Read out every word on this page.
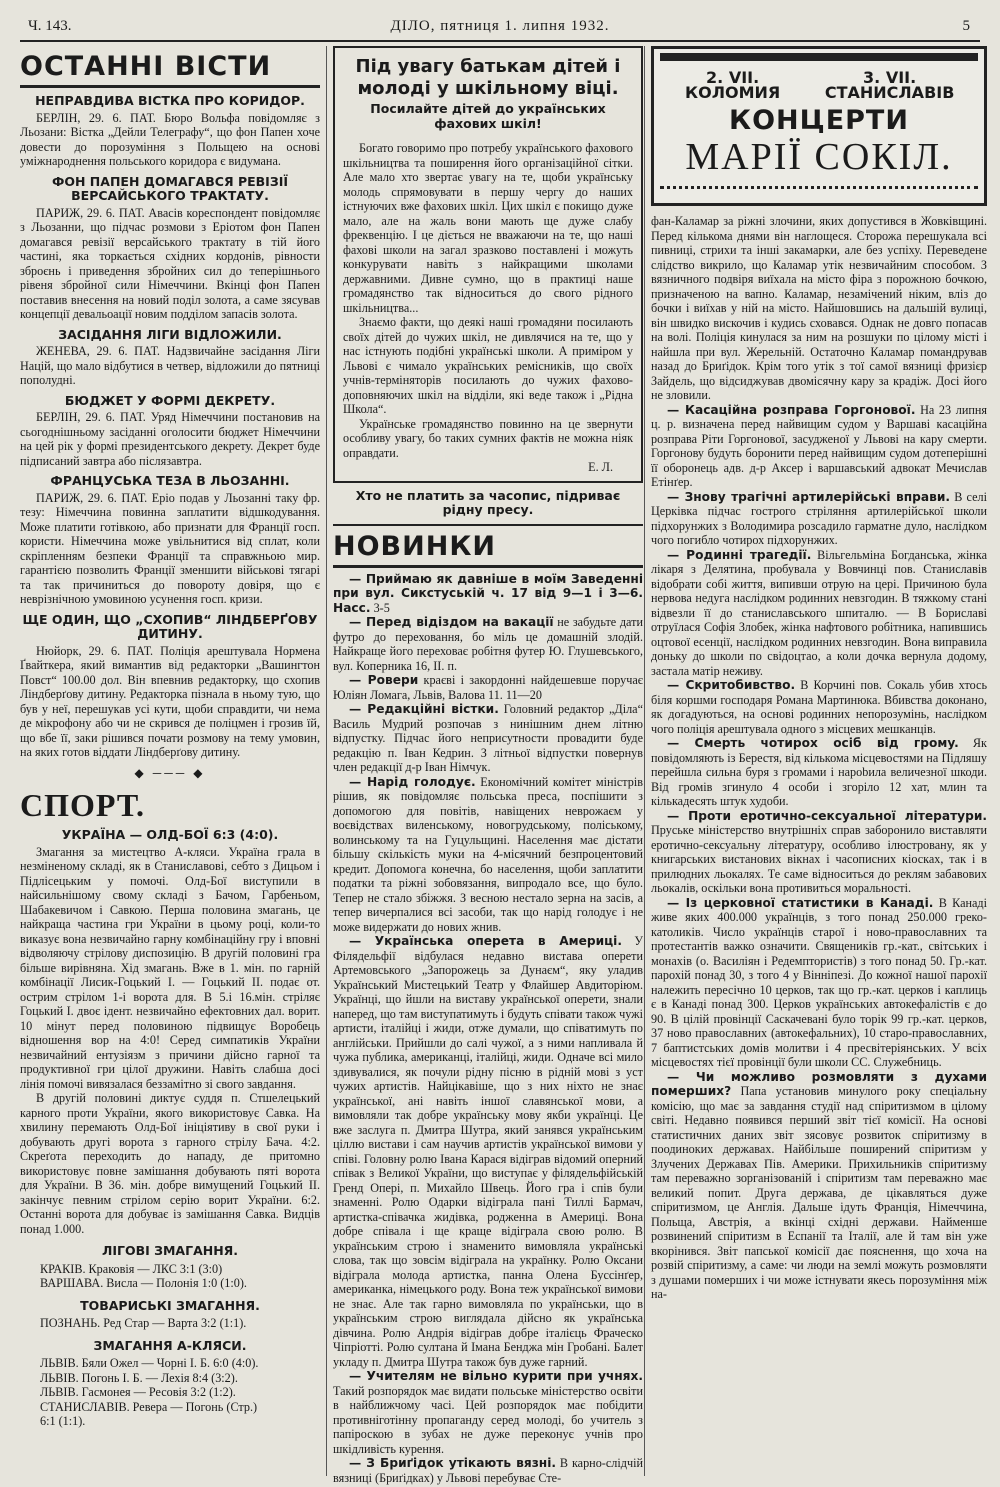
Ч. 143.	ДІЛО, пятниця 1. липня 1932.	5
ОСТАННІ ВІСТИ
НЕПРАВДИВА ВІСТКА ПРО КОРИДОР.

БЕРЛІН, 29. 6. ПАТ. Бюро Вольфа повідомляє з Льозани: Вістка „Дейли Телеграфу“, що фон Папен хоче довести до порозуміння з Польщею на основі уміжнароднення польського коридора є видумана.

ФОН ПАПЕН ДОМАГАВСЯ РЕВІЗІЇ ВЕРСАЙСЬКОГО ТРАКТАТУ.

ПАРИЖ, 29. 6. ПАТ. Авасів кореспондент повідомляє з Льозанни, що підчас розмови з Ерiотом фон Папен домагався ревізії версайського трактату в тій його частині, яка торкається східних кордонів, рівности зброєнь і приведення збройних сил до теперішнього рівеня збройної сили Німеччини. Вкінці фон Папен поставив внесення на новий поділ золота, а саме зясував концепції девальоації новим подділом запасів золота.

ЗАСІДАННЯ ЛІГИ ВІДЛОЖИЛИ.

ЖЕНЕВА, 29. 6. ПАТ. Надзвичайне засідання Ліги Націй, що мало відбутися в четвер, відложили до пятниці пополудні.

БЮДЖЕТ У ФОРМІ ДЕКРЕТУ.

БЕРЛІН, 29. 6. ПАТ. Уряд Німеччини постановив на сьогоднішньому засіданні оголосити бюджет Німеччини на цей рік у формі президентського декрету. Декрет буде підписаний завтра або післязавтра.

ФРАНЦУСЬКА ТЕЗА В ЛЬОЗАННІ.

ПАРИЖ, 29. 6. ПАТ. Еріо подав у Льозанні таку фр. тезу: Німеччина повинна заплатити відшкодування. Може платити готівкою, або признати для Франції госп. користи. Німеччина може увільнитися від сплат, коли скріпленням безпеки Франції та справжньою мир. гарантією позволить Франції зменшити військові тягарі та так причиниться до повороту довіря, що є неврізнічною умовиною усунення госп. кризи.

ЩЕ ОДИН, ЩО „СХОПИВ“ ЛІНДБЕРҐОВУ ДИТИНУ.

Нюйорк, 29. 6. ПАТ. Поліція арештувала Нормена Ґвайткера, який вимантив від редакторки „Вашингтон Повст“ 100.00 дол. Він впевнив редакторку, що схопив Ліндберґову дитину. Редакторка пізнала в ньому тую, що був у неї, перешукав усі кути, щоби справдити, чи нема де мікрофону або чи не скрився де поліцмен і грозив їй, що вбе її, заки рішився почати розмову на тему умовин, на яких готов віддати Ліндберґову дитину.

◆ ─── ◆
СПОРТ.
УКРАЇНА — ОЛД-БОЇ 6:3 (4:0).

Змагання за мистецтво А-кляси. Україна грала в незміненому складі, як в Станиславові, себто з Дицьом і Підлісецьким у помочі. Олд-Бої виступили в найсильнішому свому складі з Бачом, Гарбеньом, Шабакевичом і Савкою. Перша половина змагань, це найкраща частина гри України в цьому році, коли-то виказує вона незвичайно гарну комбінаційну гру і вповні відволяючу стрілову диспозицію. В другій половині гра більше вирівняна. Хід змагань. Вже в 1. мін. по гарній комбінації Лисик-Гоцький I. — Гоцький II. подає от. острим стрілом 1-і ворота для. В 5.і 16.мін. стріляє Гоцький I. двоє ідент. незвичайно ефектовних дал. ворит. 10 мінут перед половиною підвищує Воробець відношення вор на 4:0! Серед симпатиків України незвичайний ентузіязм з причини дійсно гарної та продуктивної гри цілої дружини. Навіть слабша досі лінія помочі вивязалася беззамітно зі свого завдання.

В другій половині диктує суддя п. Стшелецький карного проти України, якого використовує Савка. На хвилину перемають Олд-Бої ініціятиву в свої руки і добувають другі ворота з гарного стрілу Бача. 4:2. Скреґота переходить до нападу, де притомно використовує повне замішання добувають пяті ворота для України. В 36. мін. добре вимущений Гоцький II. закінчує певним стрілом серію ворит України. 6:2. Останні ворота для добуває із замішання Савка. Видців понад 1.000.

ЛІГОВІ ЗМАГАННЯ.

КРАКІВ. Краковія — ЛКС 3:1 (3:0)

ВАРШАВА. Висла — Полонія 1:0 (1:0).

ТОВАРИСЬКІ ЗМАГАННЯ.

ПОЗНАНЬ. Ред Стар — Варта 3:2 (1:1).

ЗМАГАННЯ А-КЛЯСИ.

ЛЬВІВ. Бяли Ожел — Чорні I. Б. 6:0 (4:0).

ЛЬВІВ. Погонь I. Б. — Лехія 8:4 (3:2).

ЛЬВІВ. Гасмонея — Ресовія 3:2 (1:2).

СТАНИСЛАВІВ. Ревера — Погонь (Стр.)

6:1 (1:1).

Під увагу батькам дітей і молоді у шкільному віці.
Посилайте дітей до українських фахових шкіл!

Богато говоримо про потребу українського фахового шкільництва та поширення його організаційної сітки. Але мало хто звертає увагу на те, щоби українську молодь спрямовувати в першу чергу до наших істнуючих вже фахових шкіл. Цих шкіл є покищо дуже мало, але на жаль вони мають ще дуже слабу фреквенцію. І це діється не вважаючи на те, що наші фахові школи на загал зразково поставлені і можуть конкурувати навіть з найкращими школами державними. Дивне сумно, що в практиці наше громадянство так відноситься до свого рідного шкільництва...

Знаємо факти, що деякі наші громадяни посилають своїх дітей до чужих шкіл, не дивлячися на те, що у нас істнують подібні українські школи. А приміром у Львові є чимало українських ремісників, що своїх учнів-терміняторів посилають до чужих фахово-доповняючих шкіл на відділи, які веде також і „Рідна Школа“.

Українське громадянство повинно на це звернути особливу увагу, бо таких сумних фактів не можна ніяк оправдати.

Е. Л.

Хто не платить за часопис, підриває рідну пресу.
НОВИНКИ

— Приймаю як давніше в моїм Заведенні при вул. Сикстуській ч. 17 від 9—1 і 3—6. Насс. 3-5

— Перед відіздом на вакації не забудьте дати футро до переховання, бо міль це домашній злодій. Найкраще його переховає робітня футер Ю. Глушевського, вул. Коперника 16, II. п.

— Ровери краєві і закордонні найдешевше поручає Юліян Ломага, Львів, Валова 11. 11—20

— Редакційні вістки. Головний редактор „Діла“ Василь Мудрий розпочав з нинішним днем літню відпустку. Підчас його неприсутности провадити буде редакцію п. Іван Кедрин. З літньої відпустки повернув член редакції д-р Іван Німчук.

— Нарід голодує. Економічний комітет міністрів рішив, як повідомляє польська преса, поспішити з допомогою для повітів, навіщених неврожаєм у воєвідствах виленському, новогрудському, поліському, волинському та на Гуцульщині. Населення має дістати більшу скількість муки на 4-місячний безпроцентовий кредит. Допомога конечна, бо населення, щоби заплатити податки та ріжні зобовязання, випродало все, що було. Тепер не стало збіжжя. З весною нестало зерна на засів, а тепер вичерпалися всі засоби, так що нарід голодує і не може видержати до нових жнив.

— Українська оперета в Америці. У Філядельфії відбулася недавно вистава оперети Артемовського „Запорожець за Дунаєм“, яку уладив Український Мистецький Театр у Флайшер Авдиторіюм. Українці, що йшли на виставу української оперети, знали наперед, що там виступатимуть і будуть співати також чужі артисти, італійці і жиди, отже думали, що співатимуть по англійськи. Прийшли до салі чужої, а з ними напливала й чужа публика, американці, італійці, жиди. Одначе всі мило здивувалися, як почули рідну пісню в рідній мові з уст чужих артистів. Найцікавіше, що з них ніхто не знає української, ані навіть іншої славянської мови, а вимовляли так добре українську мову якби українці. Це вже заслуга п. Дмитра Шутра, який занявся українським ціллю вистави і сам научив артистів української вимови у співі. Головну ролю Івана Карася відіграв відомий оперний співак з Великої України, що виступає у філядельфійській Гренд Опері, п. Михайло Швець. Його гра і спів були знаменні. Ролю Одарки відіграла пані Тиллі Бармач, артистка-співачка жидівка, родженна в Америці. Вона добре співала і ще краще відіграла свою ролю. В українським строю і знаменито вимовляла українські слова, так що зовсім відіграла на українку. Ролю Оксани відіграла молода артистка, панна Олена Буссінґер, американка, німецького роду. Вона теж української вимови не знає. Але так гарно вимовляла по українськи, що в українським строю виглядала дійсно як українська дівчина. Ролю Андрія відіграв добре італієць Фраческо Чіпріотті. Ролю султана й Імана Бенджа мін Гробані. Балет укладу п. Дмитра Шутра також був дуже гарний.

— Учителям не вільно курити при учнях. Такий розпорядок має видати польське міністерство освіти в найближчому часі. Цей розпорядок має побідити противніготінну пропаганду серед молоді, бо учитель з папіроскою в зубах не дуже переконує учнів про шкідливість курення.

— З Бриґідок утікають вязні. В карно-слідчій вязниці (Бриґідках) у Львові перебуває Сте-

2. VII. КОЛОМИЯ
3. VII. СТАНИСЛАВІВ
КОНЦЕРТИ
МАРІЇ СОКІЛ.

фан-Каламар за ріжні злочини, яких допустився в Жовківщині. Перед кількома днями він наглощеся. Сторожа перешукала всі пивниці, стрихи та інші закамарки, але без успіху. Переведене слідство викрило, що Каламар утік незвичайним способом. З вязничного подвіря виїхала на місто фіра з порожною бочкою, призначеною на вапно. Каламар, незамічений ніким, вліз до бочки і виїхав у ній на місто. Найшовшись на дальшій вулиці, він швидко вискочив і кудись сховався. Однак не довго попасав на волі. Поліція кинулася за ним на розшуки по цілому місті і найшла при вул. Жерельній. Остаточно Каламар помандрував назад до Бриґідок. Крім того утік з тої самої вязниці фризієр Зайдель, що відсиджував двомісячну кару за крадіж. Досі його не зловили.

— Касаційна розправа Горгонової. На 23 липня ц. р. визначена перед найвищим судом у Варшаві касаційна розправа Ріти Горгонової, засудженої у Львові на кару смерти. Горгонову будуть боронити перед найвищим судом дотеперішні її оборонець адв. д-р Аксер і варшавський адвокат Мечислав Етінґер.

— Знову трагічні артилерійські вправи. В селі Церківка підчас гострого стріляння артилерійської школи підхорунжих з Володимира розсадило гарматне дуло, наслідком чого погибло чотирох підхорунжих.

— Родинні трагедії. Вільгельміна Богданська, жінка лікаря з Делятина, пробувала у Вовчинці пов. Станиславів відобрати собі життя, випивши отрую на цері. Причиною була нервова недуга наслідком родинних невзгодин. В тяжкому стані відвезли її до станиславського шпиталю. — В Бориславі отруїлася Софія Злобек, жінка нафтового робітника, напившись оцтової есенції, наслідком родинних невзгодин. Вона виправила доньку до школи по свідоцтао, а коли дочка вернула додому, застала матір неживу.

— Скритобивство. В Корчині пов. Сокаль убив хтось біля коршми господаря Романа Мартинюка. Вбивства доконано, як догадуються, на основі родинних непорозумінь, наслідком чого поліція арештувала одного з місцевих мешканців.

— Смерть чотирох осіб від громy. Як повідомляють із Берестя, від кількома місцевостями на Підляшу перейшла сильна буря з громами і нарobила величезної шкоди. Від громів згинуло 4 особи і згоріло 12 хат, млин та кількадесять штук худоби.

— Проти еротично-сексуальної літератури. Пруське міністерство внутрішніх справ заборонило виставляти еротично-сексуальну літературу, особливо ілюстровану, як у книгарських вистанових вікнах і часописних кіосках, так і в прилюдних льокалях. Те саме відноситься до реклям забавових льокалів, оскільки вона противиться моральності.

— Із церковної статистики в Канаді. В Канаді живе яких 400.000 українців, з того понад 250.000 греко-католиків. Число українців старої і ново-православних та протестантів важко означити. Священиків гр.-кат., світських і монахів (о. Василіян і Редемптористів) з того понад 50. Гр.-кат. парохій понад 30, з того 4 у Вінніпезі. До кожної нашої парохії належить пересічно 10 церков, так що гр.-кат. церков і каплиць є в Канаді понад 300. Церков українських автокефалістів є до 90. В цілій провінції Саскачевані було торік 99 гр.-кат. церков, 37 ново православних (автокефальних), 10 старо-православних, 7 баптистських домів молитви і 4 пресвітеріянських. У всіх місцевостях тієї провінції були школи СС. Служебниць.

— Чи можливо розмовляти з духами померших? Папа установив минулого року спеціальну комісію, що має за завдання студії над спіритизмом в цілому світі. Недавно появився перший звіт тієї комісії. На основі статистичних даних звіт зясовує розвиток спіритизму в поодиноких державах. Найбільше поширений спіритизм у Злучених Державах Пів. Америки. Прихильників спіритизму там переважно зорганізованій і спіритизм там переважно має великий попит. Друга держава, де цікавляться дуже спіритизмом, це Англія. Дальше ідуть Франція, Німеччина, Польща, Австрія, а вкінці східні держави. Найменше розвинений спіритизм в Еспанії та Італії, але й там він уже вкорінився. Звіт папської комісії дає пояснення, що хоча на розвій спіритизму, а саме: чи люди на землі можуть розмовляти з душами померших і чи може істнувати якесь порозуміння між на-
